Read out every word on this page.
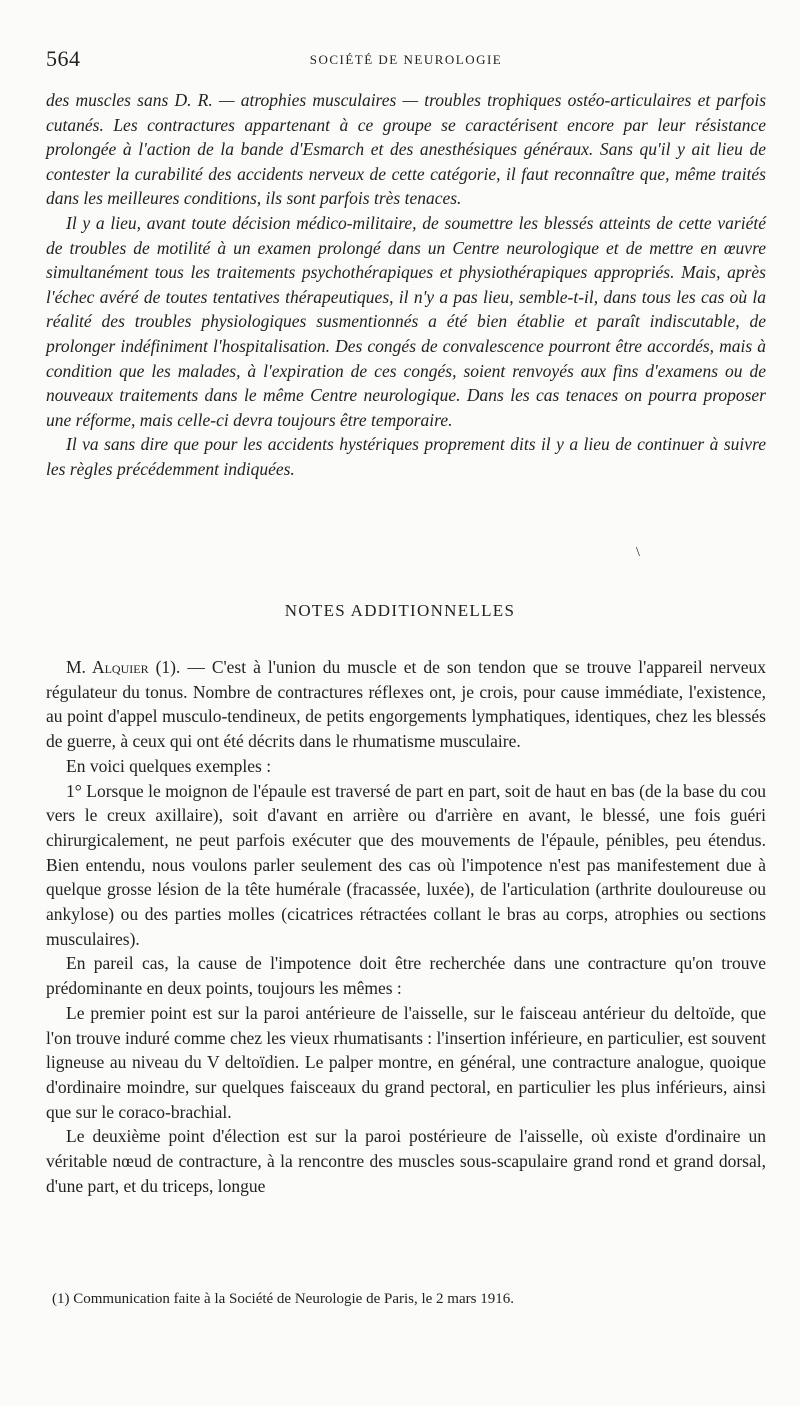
564	SOCIÉTÉ DE NEUROLOGIE

des muscles sans D. R. — atrophies musculaires — troubles trophiques ostéo-articulaires et parfois cutanés. Les contractures appartenant à ce groupe se caractérisent encore par leur résistance prolongée à l'action de la bande d'Esmarch et des anesthésiques généraux. Sans qu'il y ait lieu de contester la curabilité des accidents nerveux de cette catégorie, il faut reconnaître que, même traités dans les meilleures conditions, ils sont parfois très tenaces.

Il y a lieu, avant toute décision médico-militaire, de soumettre les blessés atteints de cette variété de troubles de motilité à un examen prolongé dans un Centre neurologique et de mettre en œuvre simultanément tous les traitements psychothérapiques et physiothérapiques appropriés. Mais, après l'échec avéré de toutes tentatives thérapeutiques, il n'y a pas lieu, semble-t-il, dans tous les cas où la réalité des troubles physiologiques susmentionnés a été bien établie et paraît indiscutable, de prolonger indéfiniment l'hospitalisation. Des congés de convalescence pourront être accordés, mais à condition que les malades, à l'expiration de ces congés, soient renvoyés aux fins d'examens ou de nouveaux traitements dans le même Centre neurologique. Dans les cas tenaces on pourra proposer une réforme, mais celle-ci devra toujours être temporaire.

Il va sans dire que pour les accidents hystériques proprement dits il y a lieu de continuer à suivre les règles précédemment indiquées.

\
NOTES ADDITIONNELLES

M. Alquier (1). — C'est à l'union du muscle et de son tendon que se trouve l'appareil nerveux régulateur du tonus. Nombre de contractures réflexes ont, je crois, pour cause immédiate, l'existence, au point d'appel musculo-tendineux, de petits engorgements lymphatiques, identiques, chez les blessés de guerre, à ceux qui ont été décrits dans le rhumatisme musculaire.

En voici quelques exemples :

1° Lorsque le moignon de l'épaule est traversé de part en part, soit de haut en bas (de la base du cou vers le creux axillaire), soit d'avant en arrière ou d'arrière en avant, le blessé, une fois guéri chirurgicalement, ne peut parfois exécuter que des mouvements de l'épaule, pénibles, peu étendus. Bien entendu, nous voulons parler seulement des cas où l'impotence n'est pas manifestement due à quelque grosse lésion de la tête humérale (fracassée, luxée), de l'articulation (arthrite douloureuse ou ankylose) ou des parties molles (cicatrices rétractées collant le bras au corps, atrophies ou sections musculaires).

En pareil cas, la cause de l'impotence doit être recherchée dans une contracture qu'on trouve prédominante en deux points, toujours les mêmes :

Le premier point est sur la paroi antérieure de l'aisselle, sur le faisceau antérieur du deltoïde, que l'on trouve induré comme chez les vieux rhumatisants : l'insertion inférieure, en particulier, est souvent ligneuse au niveau du V deltoïdien. Le palper montre, en général, une contracture analogue, quoique d'ordinaire moindre, sur quelques faisceaux du grand pectoral, en particulier les plus inférieurs, ainsi que sur le coraco-brachial.

Le deuxième point d'élection est sur la paroi postérieure de l'aisselle, où existe d'ordinaire un véritable nœud de contracture, à la rencontre des muscles sous-scapulaire grand rond et grand dorsal, d'une part, et du triceps, longue

(1) Communication faite à la Société de Neurologie de Paris, le 2 mars 1916.
